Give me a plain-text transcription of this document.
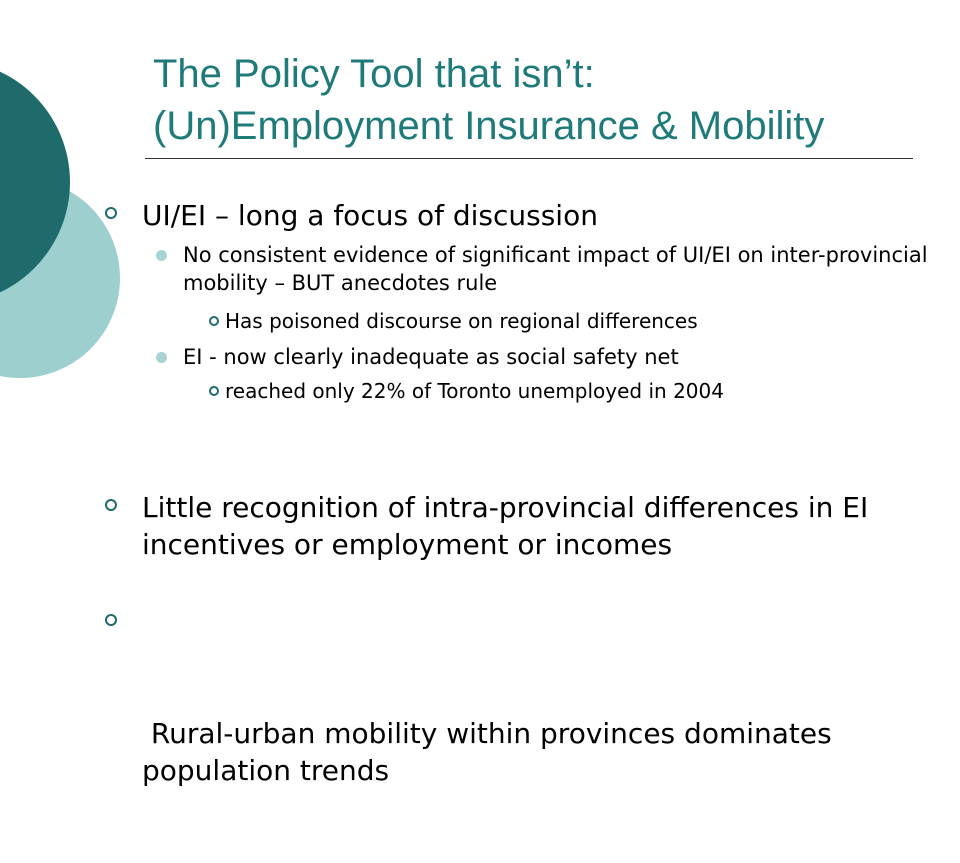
The Policy Tool that isn’t:
(Un)Employment Insurance & Mobility
UI/EI – long a focus of discussion
No consistent evidence of significant impact of UI/EI on inter-provincial mobility – BUT anecdotes rule
Has poisoned discourse on regional differences
EI - now clearly inadequate as social safety net
reached only 22% of Toronto unemployed in 2004
Little recognition of intra-provincial differences in EI incentives or employment or incomes

Rural-urban mobility within provinces dominates population trends
